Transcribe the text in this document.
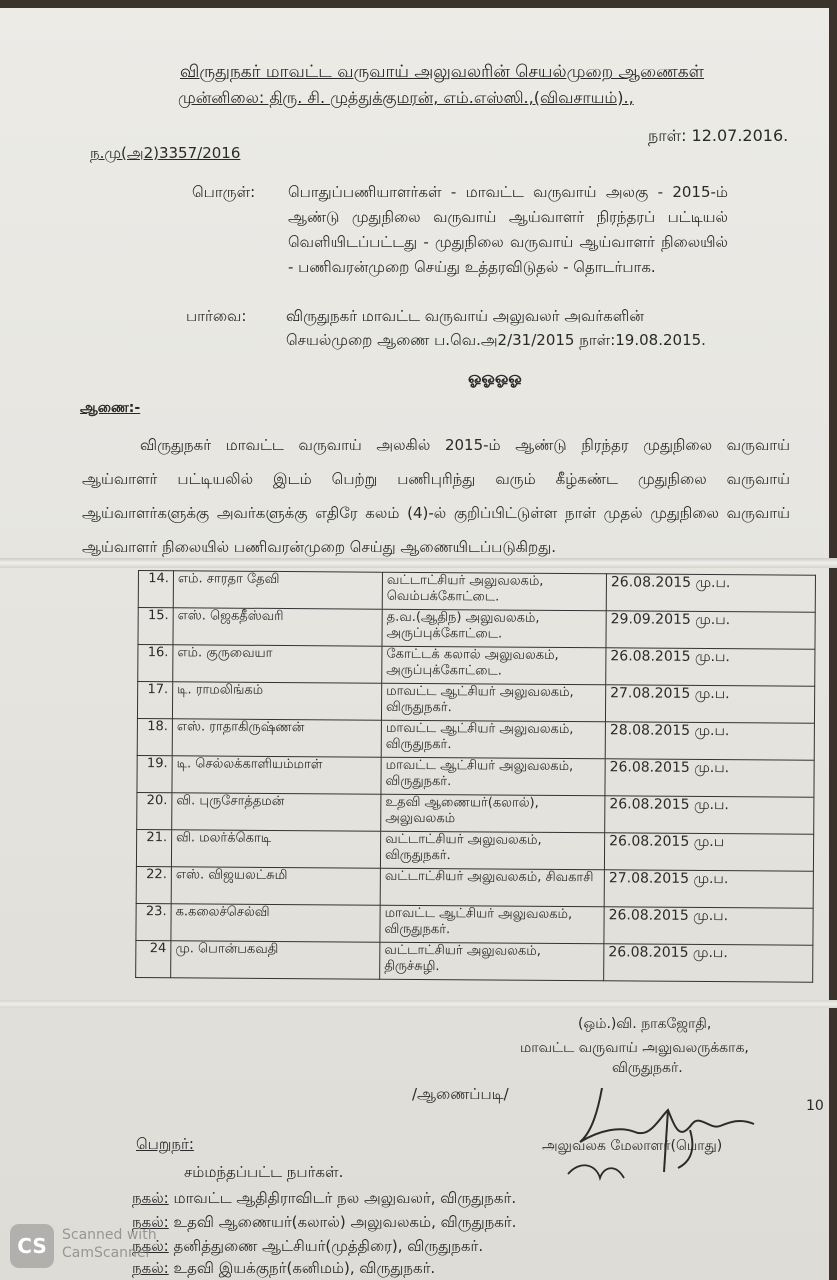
விருதுநகர் மாவட்ட வருவாய் அலுவலரின் செயல்முறை ஆணைகள்
முன்னிலை: திரு. சி. முத்துக்குமரன், எம்.எஸ்ஸி.,(விவசாயம்).,
ந.மு(அ2)3357/2016
நாள்: 12.07.2016.
பொருள்: பொதுப்பணியாளர்கள் - மாவட்ட வருவாய் அலகு - 2015-ம் ஆண்டு முதுநிலை வருவாய் ஆய்வாளர் நிரந்தரப் பட்டியல் வெளியிடப்பட்டது - முதுநிலை வருவாய் ஆய்வாளர் நிலையில் - பணிவரன்முறை செய்து உத்தரவிடுதல் - தொடர்பாக.
பார்வை:	விருதுநகர் மாவட்ட வருவாய் அலுவலர் அவர்களின் செயல்முறை ஆணை ப.வெ.அ2/31/2015 நாள்:19.08.2015.
ஓஓஓஓ
ஆணை:-
விருதுநகர் மாவட்ட வருவாய் அலகில் 2015-ம் ஆண்டு நிரந்தர முதுநிலை வருவாய் ஆய்வாளர் பட்டியலில் இடம் பெற்று பணிபுரிந்து வரும் கீழ்கண்ட முதுநிலை வருவாய் ஆய்வாளர்களுக்கு அவர்களுக்கு எதிரே கலம் (4)-ல் குறிப்பிட்டுள்ள நாள் முதல் முதுநிலை வருவாய் ஆய்வாளர் நிலையில் பணிவரன்முறை செய்து ஆணையிடப்படுகிறது.
14.	எம். சாரதா தேவி	வட்டாட்சியர் அலுவலகம், வெம்பக்கோட்டை.	26.08.2015 மு.ப.
15.	எஸ். ஜெகதீஸ்வரி	த.வ.(ஆதிந) அலுவலகம், அருப்புக்கோட்டை.	29.09.2015 மு.ப.
16.	எம். குருவையா	கோட்டக் கலால் அலுவலகம், அருப்புக்கோட்டை.	26.08.2015 மு.ப.
17.	டி. ராமலிங்கம்	மாவட்ட ஆட்சியர் அலுவலகம், விருதுநகர்.	27.08.2015 மு.ப.
18.	எஸ். ராதாகிருஷ்ணன்	மாவட்ட ஆட்சியர் அலுவலகம், விருதுநகர்.	28.08.2015 மு.ப.
19.	டி. செல்லக்காளியம்மாள்	மாவட்ட ஆட்சியர் அலுவலகம், விருதுநகர்.	26.08.2015 மு.ப.
20.	வி. புருசோத்தமன்	உதவி ஆணையர்(கலால்), அலுவலகம்	26.08.2015 மு.ப.
21.	வி. மலர்க்கொடி	வட்டாட்சியர் அலுவலகம், விருதுநகர்.	26.08.2015 மு.ப
22.	எஸ். விஜயலட்சுமி	வட்டாட்சியர் அலுவலகம், சிவகாசி	27.08.2015 மு.ப.
23.	க.கலைச்செல்வி	மாவட்ட ஆட்சியர் அலுவலகம், விருதுநகர்.	26.08.2015 மு.ப.
24	மு. பொன்பகவதி	வட்டாட்சியர் அலுவலகம், திருச்சுழி.	26.08.2015 மு.ப.
(ஒம்.)வி. நாகஜோதி,
மாவட்ட வருவாய் அலுவலருக்காக,
விருதுநகர்.
/ஆணைப்படி/
அலுவலக மேலாளர்(பொது)
10
பெறுநர்:
சம்மந்தப்பட்ட நபர்கள்.
நகல்: மாவட்ட ஆதிதிராவிடர் நல அலுவலர், விருதுநகர்.
நகல்: உதவி ஆணையர்(கலால்) அலுவலகம், விருதுநகர்.
நகல்: தனித்துணை ஆட்சியர்(முத்திரை), விருதுநகர்.
நகல்: உதவி இயக்குநர்(கனிமம்), விருதுநகர்.
CS	Scanned with
CamScanner
